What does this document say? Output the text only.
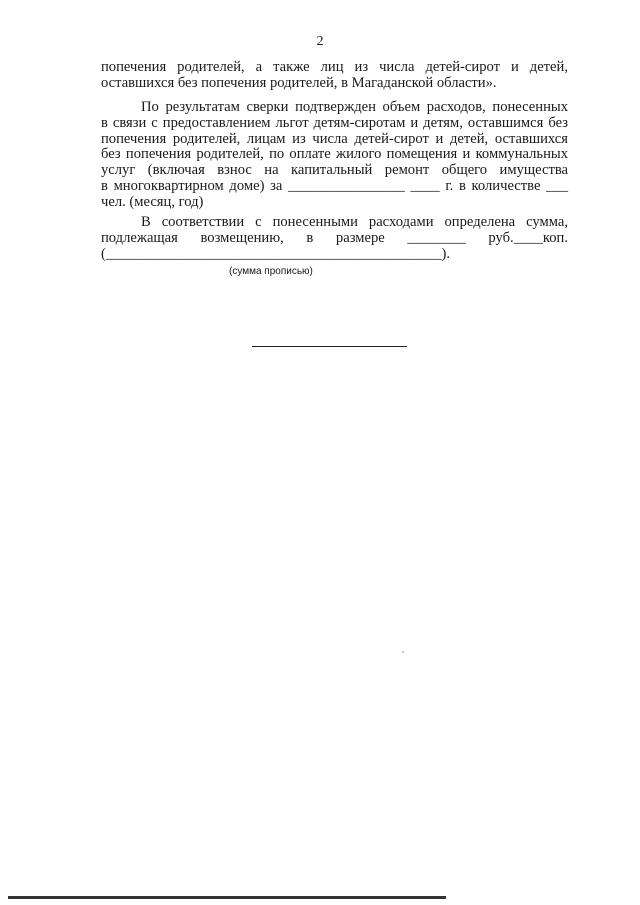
2
попечения родителей, а также лиц из числа детей-сирот и детей,
оставшихся без попечения родителей, в Магаданской области».
По результатам сверки подтвержден объем расходов, понесенных
в связи с предоставлением льгот детям-сиротам и детям, оставшимся без
попечения родителей, лицам из числа детей-сирот и детей, оставшихся
без попечения родителей, по оплате жилого помещения и коммунальных
услуг (включая взнос на капитальный ремонт общего имущества
в многоквартирном доме) за ________________ ____ г. в количестве ___
чел. (месяц, год)
В соответствии с понесенными расходами определена сумма,
подлежащая возмещению, в размере ________ руб.____коп.
(______________________________________________).
(сумма прописью)
